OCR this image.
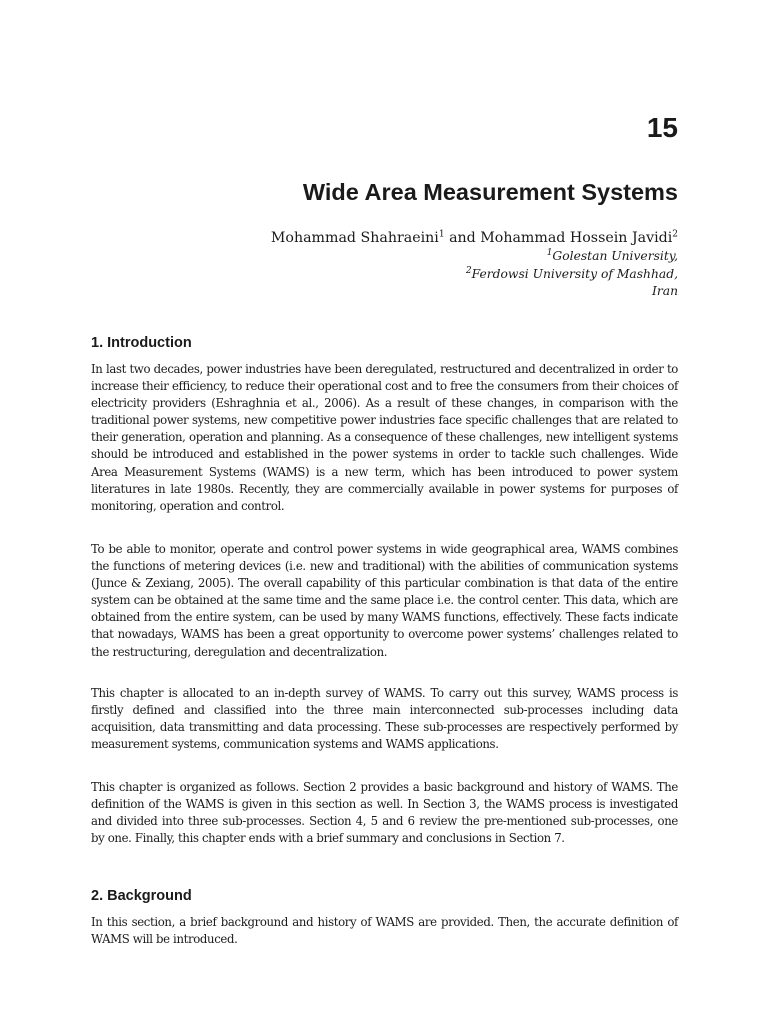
15
Wide Area Measurement Systems
Mohammad Shahraeini$^1$ and Mohammad Hossein Javidi$^2$
$^1$Golestan University,
$^2$Ferdowsi University of Mashhad,
Iran
1. Introduction

In last two decades, power industries have been deregulated, restructured and decentralized in order to increase their efficiency, to reduce their operational cost and to free the consumers from their choices of electricity providers (Eshraghnia et al., 2006). As a result of these changes, in comparison with the traditional power systems, new competitive power industries face specific challenges that are related to their generation, operation and planning. As a consequence of these challenges, new intelligent systems should be introduced and established in the power systems in order to tackle such challenges. Wide Area Measurement Systems (WAMS) is a new term, which has been introduced to power system literatures in late 1980s. Recently, they are commercially available in power systems for purposes of monitoring, operation and control.

To be able to monitor, operate and control power systems in wide geographical area, WAMS combines the functions of metering devices (i.e. new and traditional) with the abilities of communication systems (Junce & Zexiang, 2005). The overall capability of this particular combination is that data of the entire system can be obtained at the same time and the same place i.e. the control center. This data, which are obtained from the entire system, can be used by many WAMS functions, effectively. These facts indicate that nowadays, WAMS has been a great opportunity to overcome power systems’ challenges related to the restructuring, deregulation and decentralization.

This chapter is allocated to an in-depth survey of WAMS. To carry out this survey, WAMS process is firstly defined and classified into the three main interconnected sub-processes including data acquisition, data transmitting and data processing. These sub-processes are respectively performed by measurement systems, communication systems and WAMS applications.

This chapter is organized as follows. Section 2 provides a basic background and history of WAMS. The definition of the WAMS is given in this section as well. In Section 3, the WAMS process is investigated and divided into three sub-processes. Section 4, 5 and 6 review the pre-mentioned sub-processes, one by one. Finally, this chapter ends with a brief summary and conclusions in Section 7.

2. Background

In this section, a brief background and history of WAMS are provided. Then, the accurate definition of WAMS will be introduced.
